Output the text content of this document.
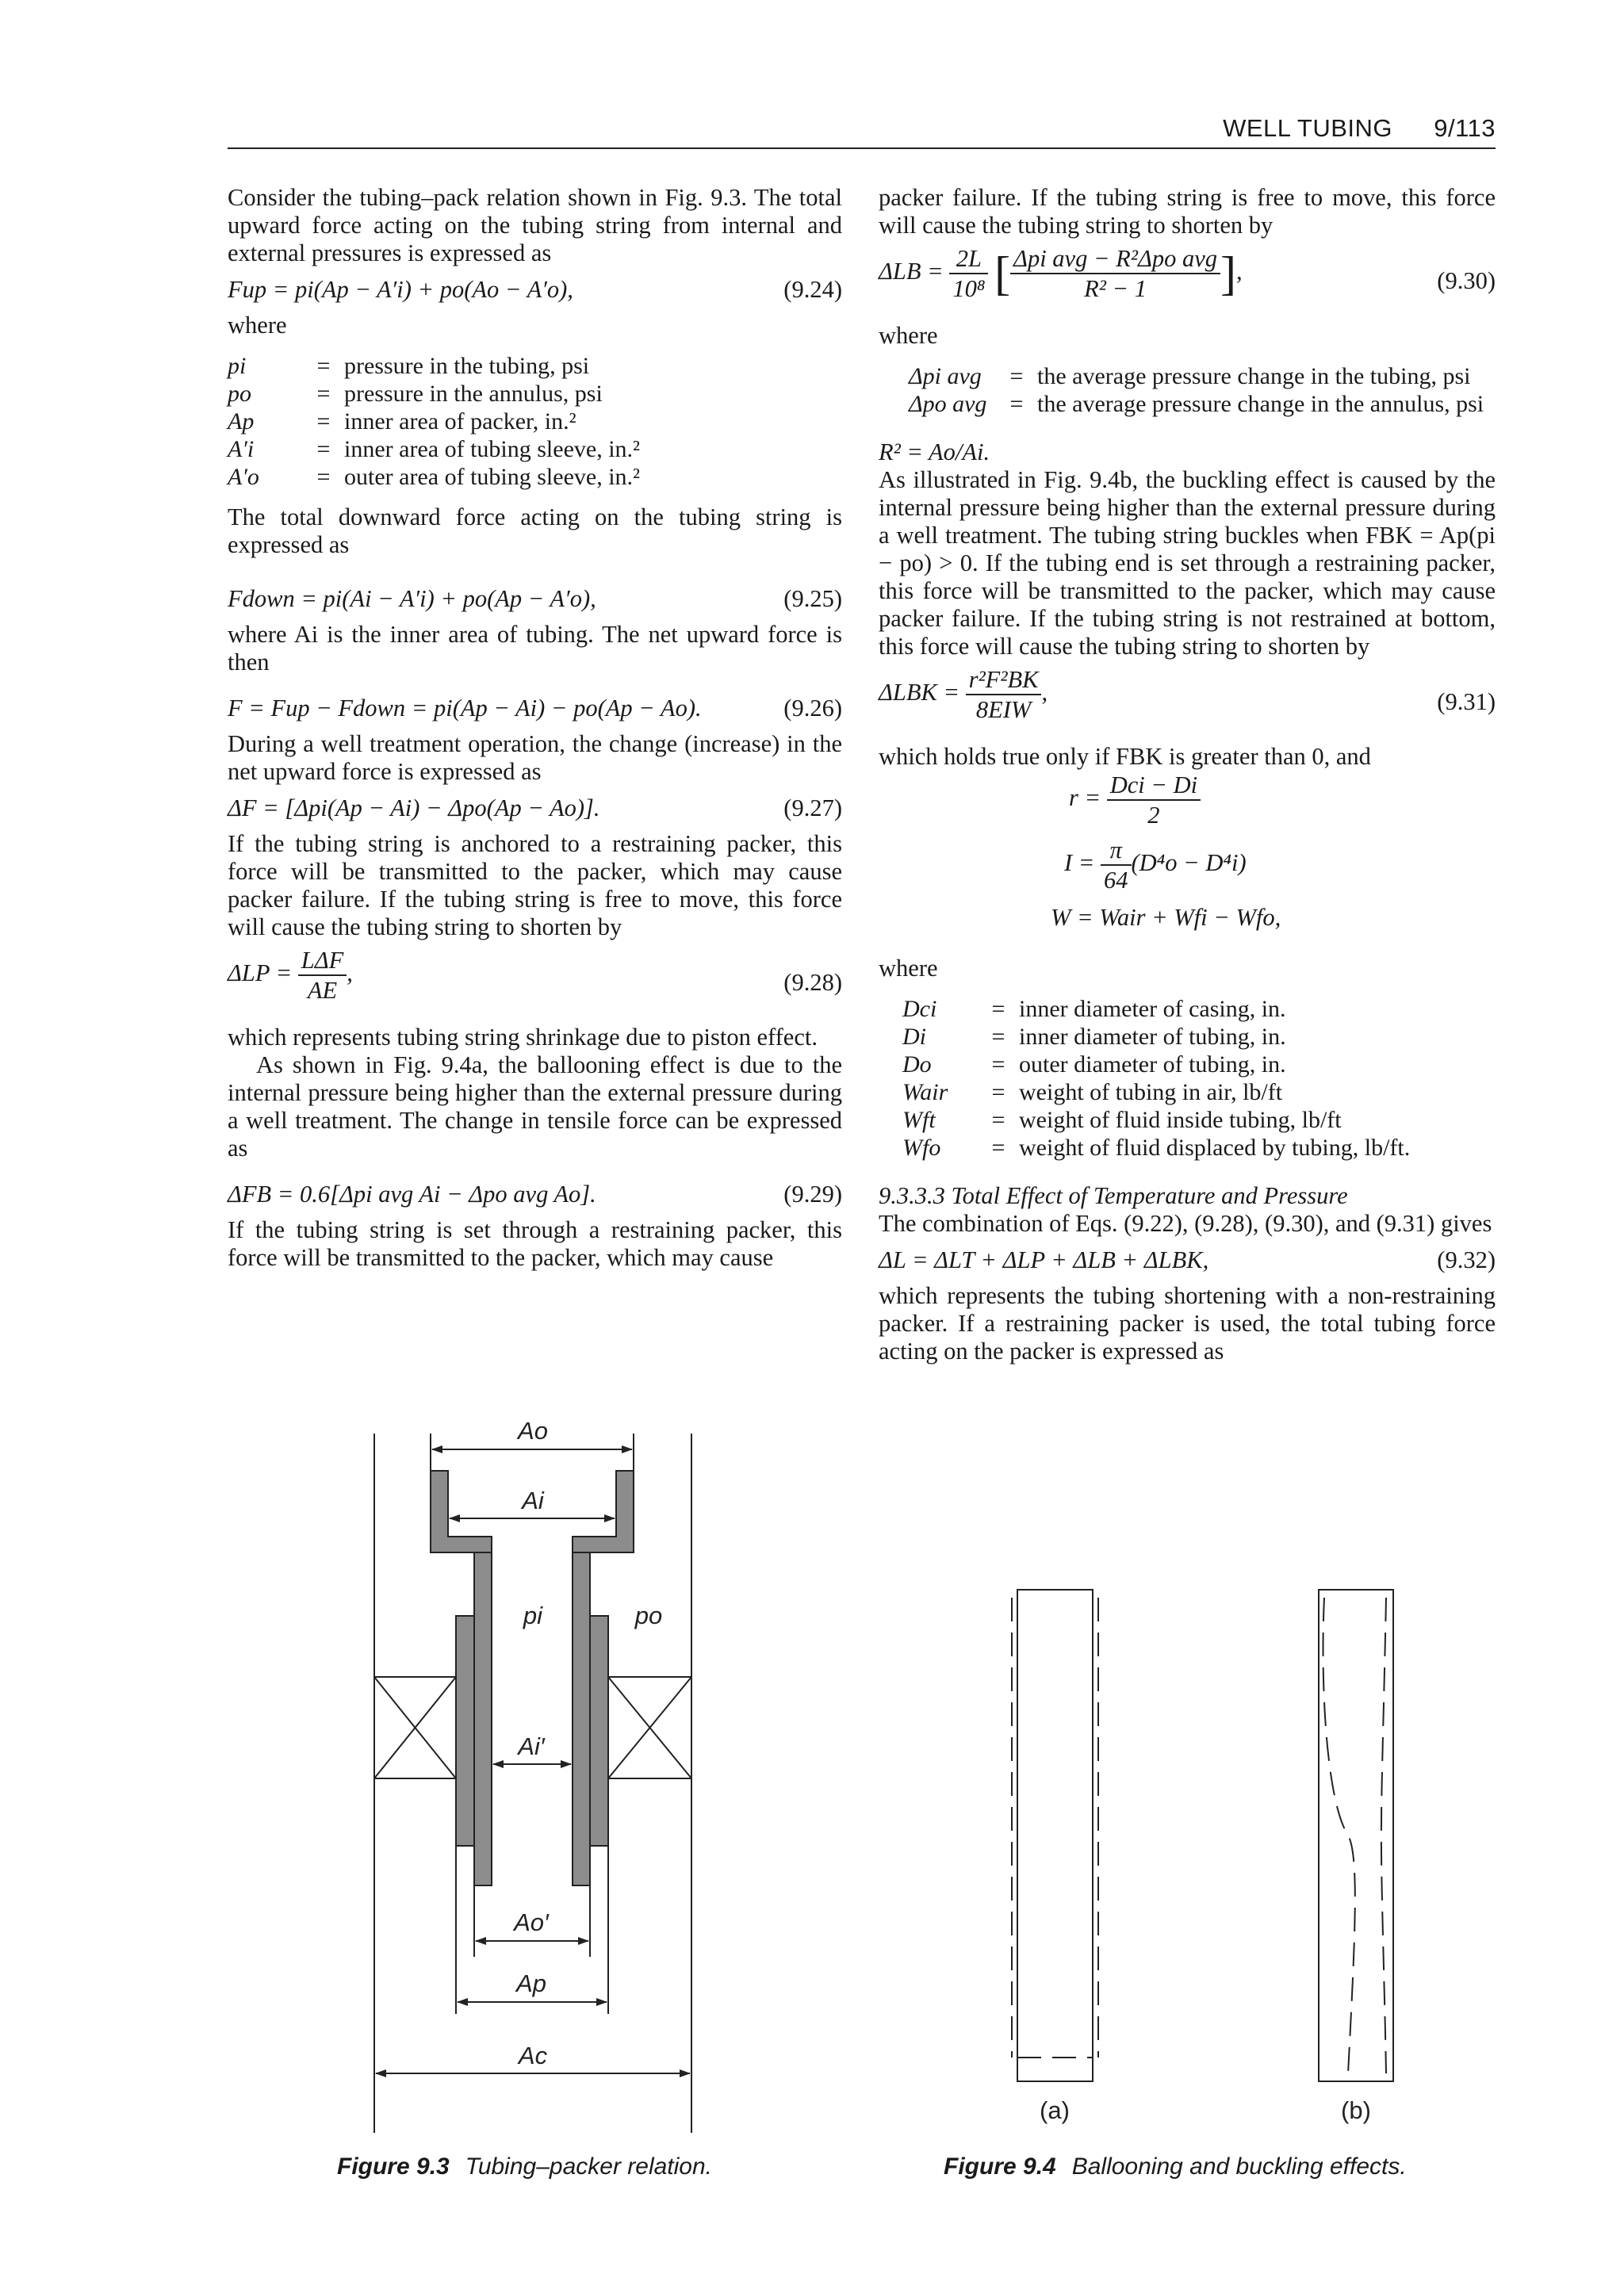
WELL TUBING 9/113

Consider the tubing–pack relation shown in Fig. 9.3. The total upward force acting on the tubing string from internal and external pressures is expressed as

Fup = pi(Ap − A′i) + po(Ao − A′o),	(9.24)

where

pi	=	pressure in the tubing, psi
po	=	pressure in the annulus, psi
Ap	=	inner area of packer, in.²
A′i	=	inner area of tubing sleeve, in.²
A′o	=	outer area of tubing sleeve, in.²

The total downward force acting on the tubing string is expressed as

Fdown = pi(Ai − A′i) + po(Ap − A′o),	(9.25)

where Ai is the inner area of tubing. The net upward force is then

F = Fup − Fdown = pi(Ap − Ai) − po(Ap − Ao).	(9.26)

During a well treatment operation, the change (increase) in the net upward force is expressed as

ΔF = [Δpi(Ap − Ai) − Δpo(Ap − Ao)].	(9.27)

If the tubing string is anchored to a restraining packer, this force will be transmitted to the packer, which may cause packer failure. If the tubing string is free to move, this force will cause the tubing string to shorten by

$\Delta LP = \frac{\text{LΔF}}{AE}$ ,	(9.28)

which represents tubing string shrinkage due to piston effect.

As shown in Fig. 9.4a, the ballooning effect is due to the internal pressure being higher than the external pressure during a well treatment. The change in tensile force can be expressed as

ΔFB = 0.6[Δpi avg Ai − Δpo avg Ao].	(9.29)

If the tubing string is set through a restraining packer, this force will be transmitted to the packer, which may cause

packer failure. If the tubing string is free to move, this force will cause the tubing string to shorten by

$\Delta LB = \frac{2L}{\text{10⁸}}$ [ $\frac{\text{Δpi avg − R²Δpo avg}}{\text{R² − 1}}$ ],	(9.30)

where

Δpi avg	=	the average pressure change in the tubing, psi
Δpo avg	=	the average pressure change in the annulus, psi

R² = Ao/Ai.

As illustrated in Fig. 9.4b, the buckling effect is caused by the internal pressure being higher than the external pressure during a well treatment. The tubing string buckles when FBK = Ap(pi − po) > 0. If the tubing end is set through a restraining packer, this force will be transmitted to the packer, which may cause packer failure. If the tubing string is not restrained at bottom, this force will cause the tubing string to shorten by

$\Delta LBK = \frac{\text{r²F²BK}}{\text{8EIW}}$ ,	(9.31)

which holds true only if FBK is greater than 0, and

$r = \frac{\text{Dci − Di}}{2}$
$I = \frac{\pi}{64} (D^4o - D^4i)$
W = Wair + Wfi − Wfo,

where

Dci	=	inner diameter of casing, in.
Di	=	inner diameter of tubing, in.
Do	=	outer diameter of tubing, in.
Wair	=	weight of tubing in air, lb/ft
Wft	=	weight of fluid inside tubing, lb/ft
Wfo	=	weight of fluid displaced by tubing, lb/ft.

9.3.3.3 Total Effect of Temperature and Pressure

The combination of Eqs. (9.22), (9.28), (9.30), and (9.31) gives

ΔL = ΔLT + ΔLP + ΔLB + ΔLBK,	(9.32)

which represents the tubing shortening with a non-restraining packer. If a restraining packer is used, the total tubing force acting on the packer is expressed as

Ao
Ai
pi	po
Ai′
Ao′
Ap
Ac
Figure 9.3 Tubing–packer relation.
(a)	(b)
Figure 9.4 Ballooning and buckling effects.
